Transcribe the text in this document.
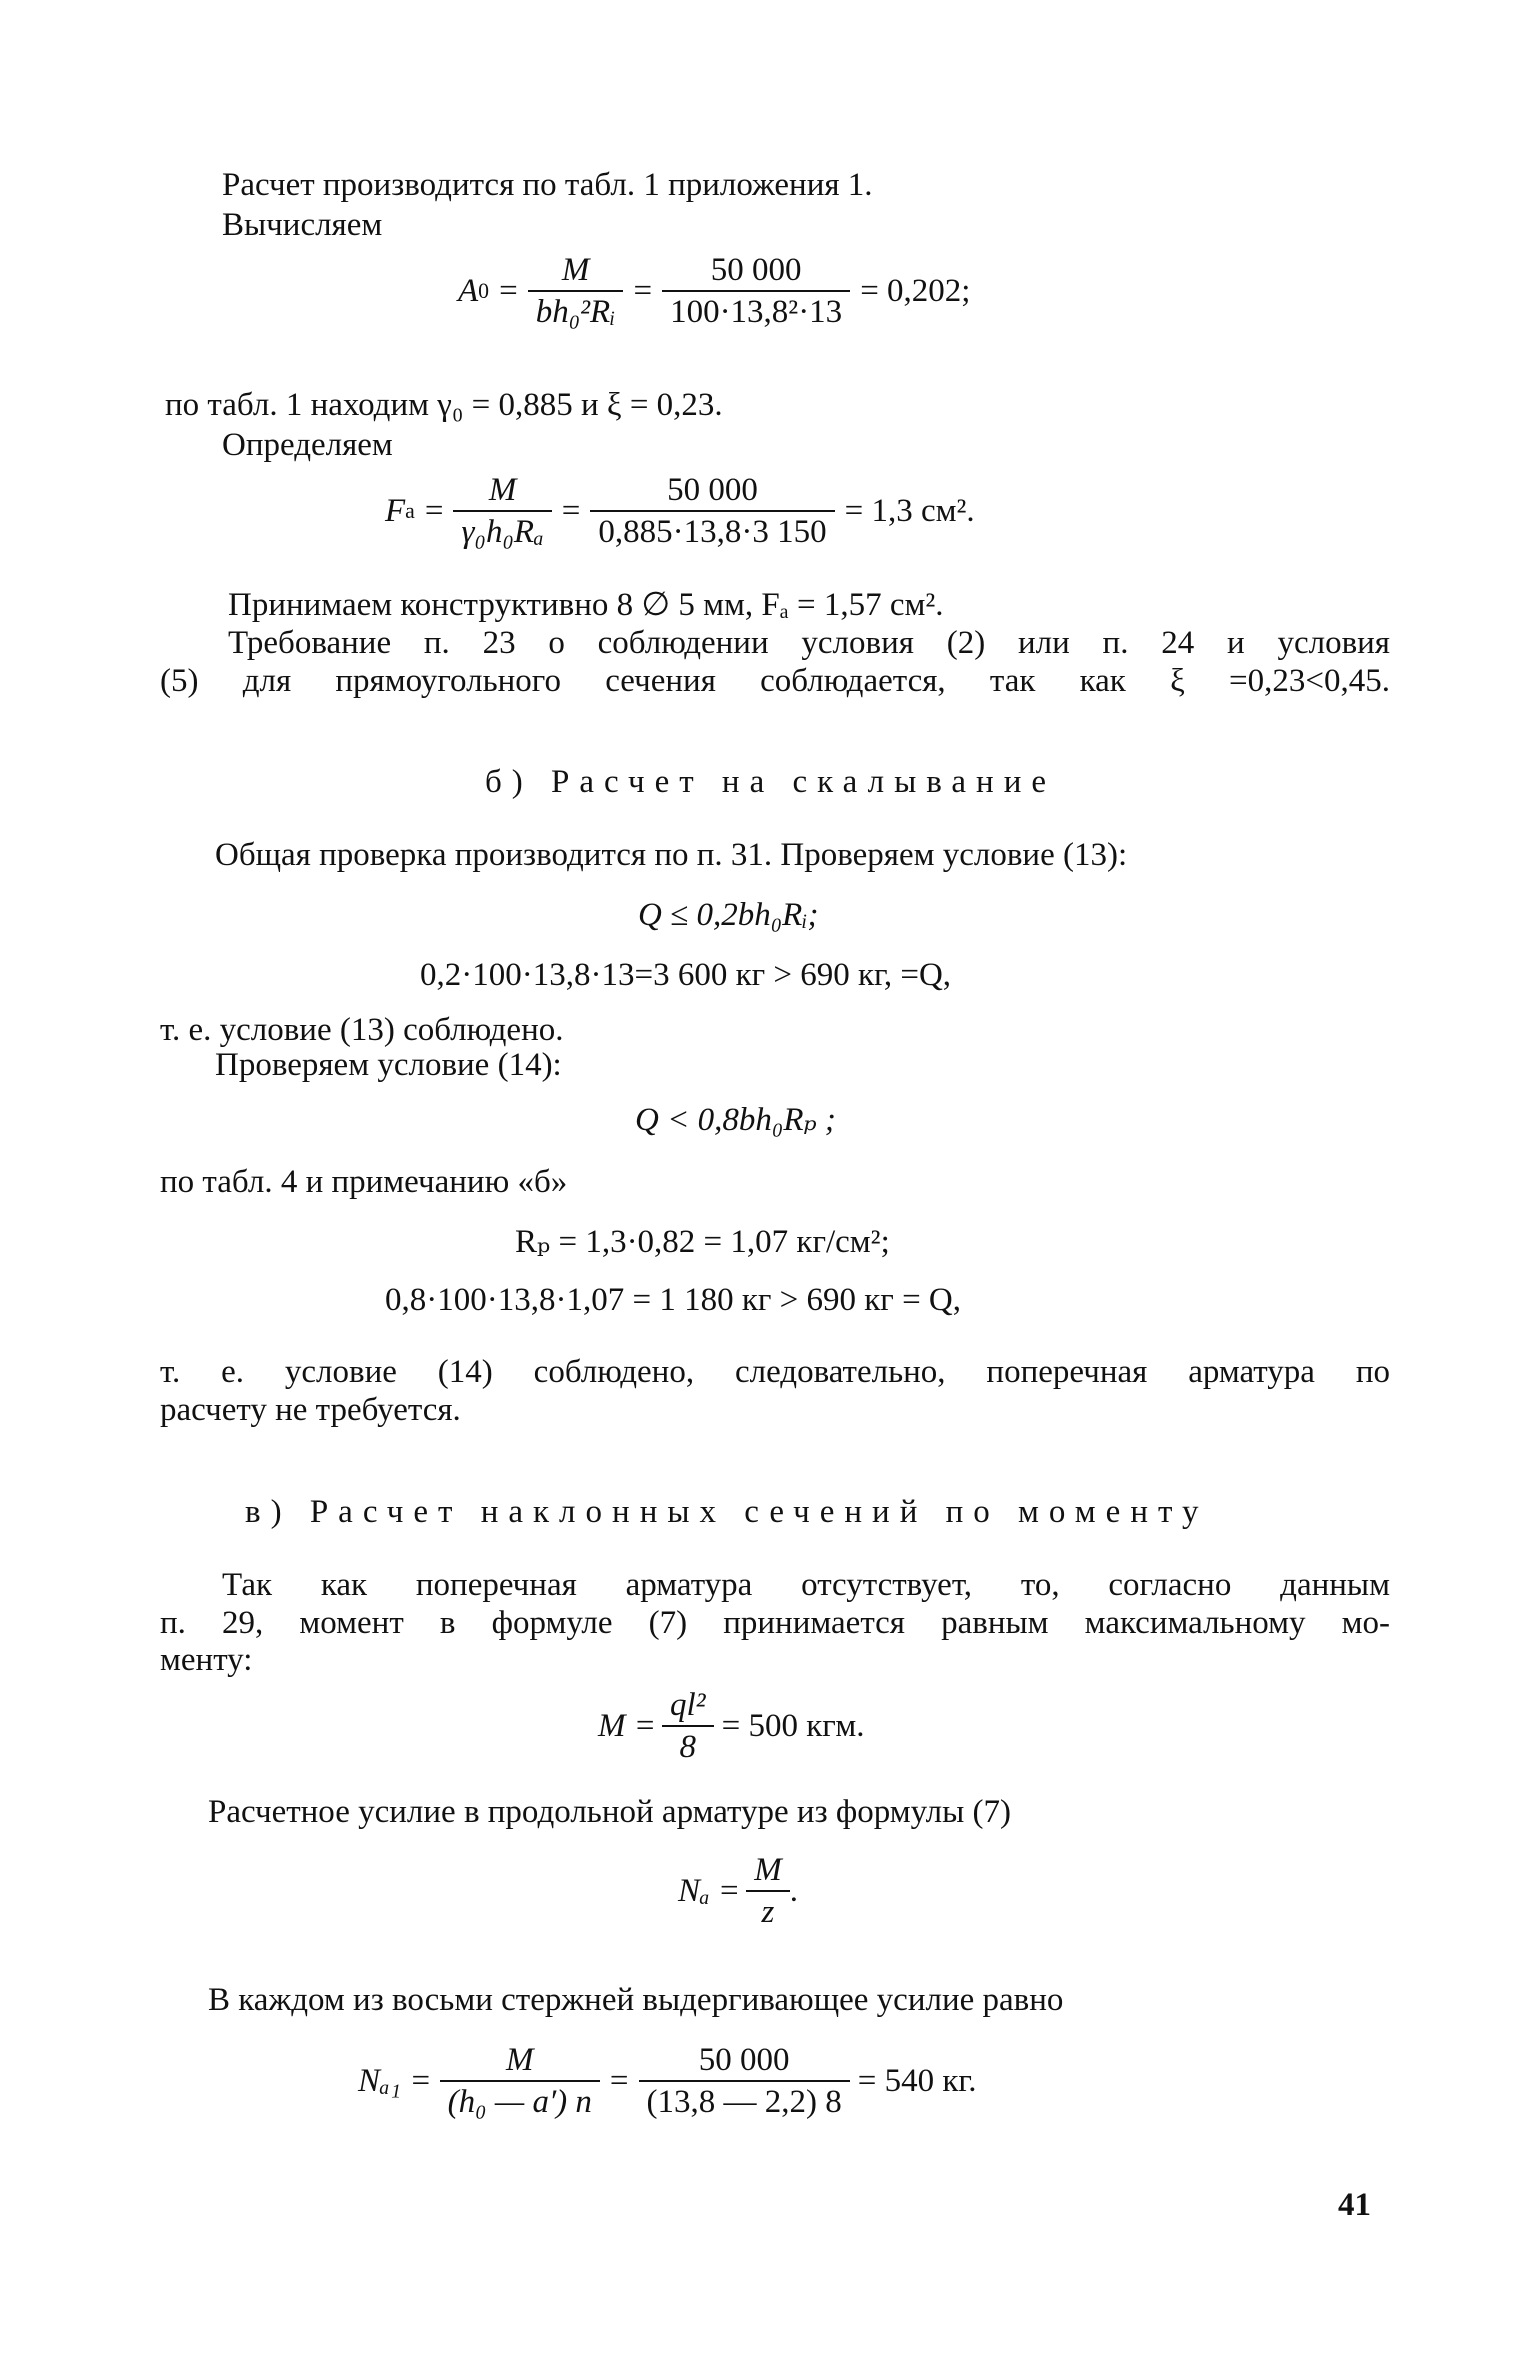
Расчет производится по табл. 1 приложения 1.
Вычисляем
A $0 = \frac{M}{\text{bh₀²Rᵢ}} = \frac{50 000}{\text{100·13,8²·13}} = 0,202$;
по табл. 1 находим γ₀ = 0,885 и ξ = 0,23.
Определяем
F $a = \frac{M}{\text{γ₀h₀Rₐ}} = \frac{50 000}{0,885\cdot 13,8\cdot 3 150} = 1,3$ см².
Принимаем конструктивно 8 ∅ 5 мм, Fₐ = 1,57 см².
Требование п. 23 о соблюдении условия (2) или п. 24 и условия
(5) для прямоугольного сечения соблюдается, так как ξ =0,23<0,45.
б) Расчет на скалывание
Общая проверка производится по п. 31. Проверяем условие (13):
Q ≤ 0,2bh₀Rᵢ;
0,2·100·13,8·13=3 600 кг > 690 кг, =Q,
т. е. условие (13) соблюдено.
Проверяем условие (14):
Q < 0,8bh₀Rₚ ;
по табл. 4 и примечанию «б»
Rₚ = 1,3·0,82 = 1,07 кг/см²;
0,8·100·13,8·1,07 = 1 180 кг > 690 кг = Q,
т. е. условие (14) соблюдено, следовательно, поперечная арматура по
расчету не требуется.
в) Расчет наклонных сечений по моменту
Так как поперечная арматура отсутствует, то, согласно данным
п. 29, момент в формуле (7) принимается равным максимальному мо-
менту:
$M = \frac{\text{ql²}}{8} = 500$ кгм.
Расчетное усилие в продольной арматуре из формулы (7)
$N_a = \frac{M}{z}$ .
В каждом из восьми стержней выдергивающее усилие равно
$N_{a1} = \frac{M}{\text{(h₀ — a′) n}} = \frac{50 000}{(13,8 — 2,2) 8} = 540$ кг.
41
